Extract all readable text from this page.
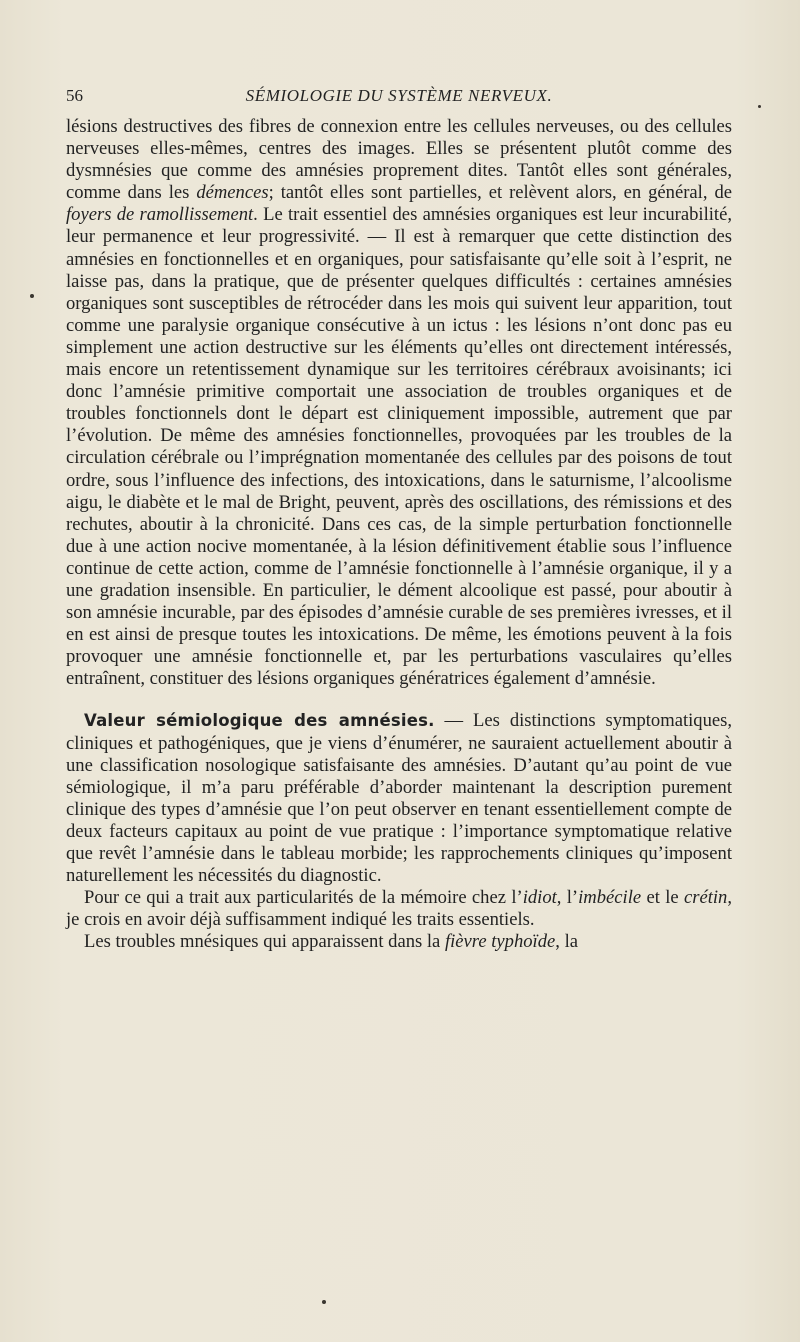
56	SÉMIOLOGIE DU SYSTÈME NERVEUX.

lésions destructives des fibres de connexion entre les cellules nerveuses, ou des cellules nerveuses elles-mêmes, centres des images. Elles se présentent plutôt comme des dysmnésies que comme des amnésies proprement dites. Tantôt elles sont générales, comme dans les démences; tantôt elles sont partielles, et relèvent alors, en général, de foyers de ramollissement. Le trait essentiel des amnésies organiques est leur incurabilité, leur permanence et leur progressivité. — Il est à remarquer que cette distinction des amnésies en fonctionnelles et en organiques, pour satisfaisante qu’elle soit à l’esprit, ne laisse pas, dans la pratique, que de présenter quelques difficultés : certaines amnésies organiques sont susceptibles de rétrocéder dans les mois qui suivent leur apparition, tout comme une paralysie organique consécutive à un ictus : les lésions n’ont donc pas eu simplement une action destructive sur les éléments qu’elles ont directement intéressés, mais encore un retentissement dynamique sur les territoires cérébraux avoisinants; ici donc l’amnésie primitive comportait une association de troubles organiques et de troubles fonctionnels dont le départ est cliniquement impossible, autrement que par l’évolution. De même des amnésies fonctionnelles, provoquées par les troubles de la circulation cérébrale ou l’imprégnation momentanée des cellules par des poisons de tout ordre, sous l’influence des infections, des intoxications, dans le saturnisme, l’alcoolisme aigu, le diabète et le mal de Bright, peuvent, après des oscillations, des rémissions et des rechutes, aboutir à la chronicité. Dans ces cas, de la simple perturbation fonctionnelle due à une action nocive momentanée, à la lésion définitivement établie sous l’influence continue de cette action, comme de l’amnésie fonctionnelle à l’amnésie organique, il y a une gradation insensible. En particulier, le dément alcoolique est passé, pour aboutir à son amnésie incurable, par des épisodes d’amnésie curable de ses premières ivresses, et il en est ainsi de presque toutes les intoxications. De même, les émotions peuvent à la fois provoquer une amnésie fonctionnelle et, par les perturbations vasculaires qu’elles entraînent, constituer des lésions organiques génératrices également d’amnésie.

Valeur sémiologique des amnésies. — Les distinctions symptomatiques, cliniques et pathogéniques, que je viens d’énumérer, ne sauraient actuellement aboutir à une classification nosologique satisfaisante des amnésies. D’autant qu’au point de vue sémiologique, il m’a paru préférable d’aborder maintenant la description purement clinique des types d’amnésie que l’on peut observer en tenant essentiellement compte de deux facteurs capitaux au point de vue pratique : l’importance symptomatique relative que revêt l’amnésie dans le tableau morbide; les rapprochements cliniques qu’imposent naturellement les nécessités du diagnostic.

Pour ce qui a trait aux particularités de la mémoire chez l’idiot, l’imbécile et le crétin, je crois en avoir déjà suffisamment indiqué les traits essentiels.

Les troubles mnésiques qui apparaissent dans la fièvre typhoïde, la
